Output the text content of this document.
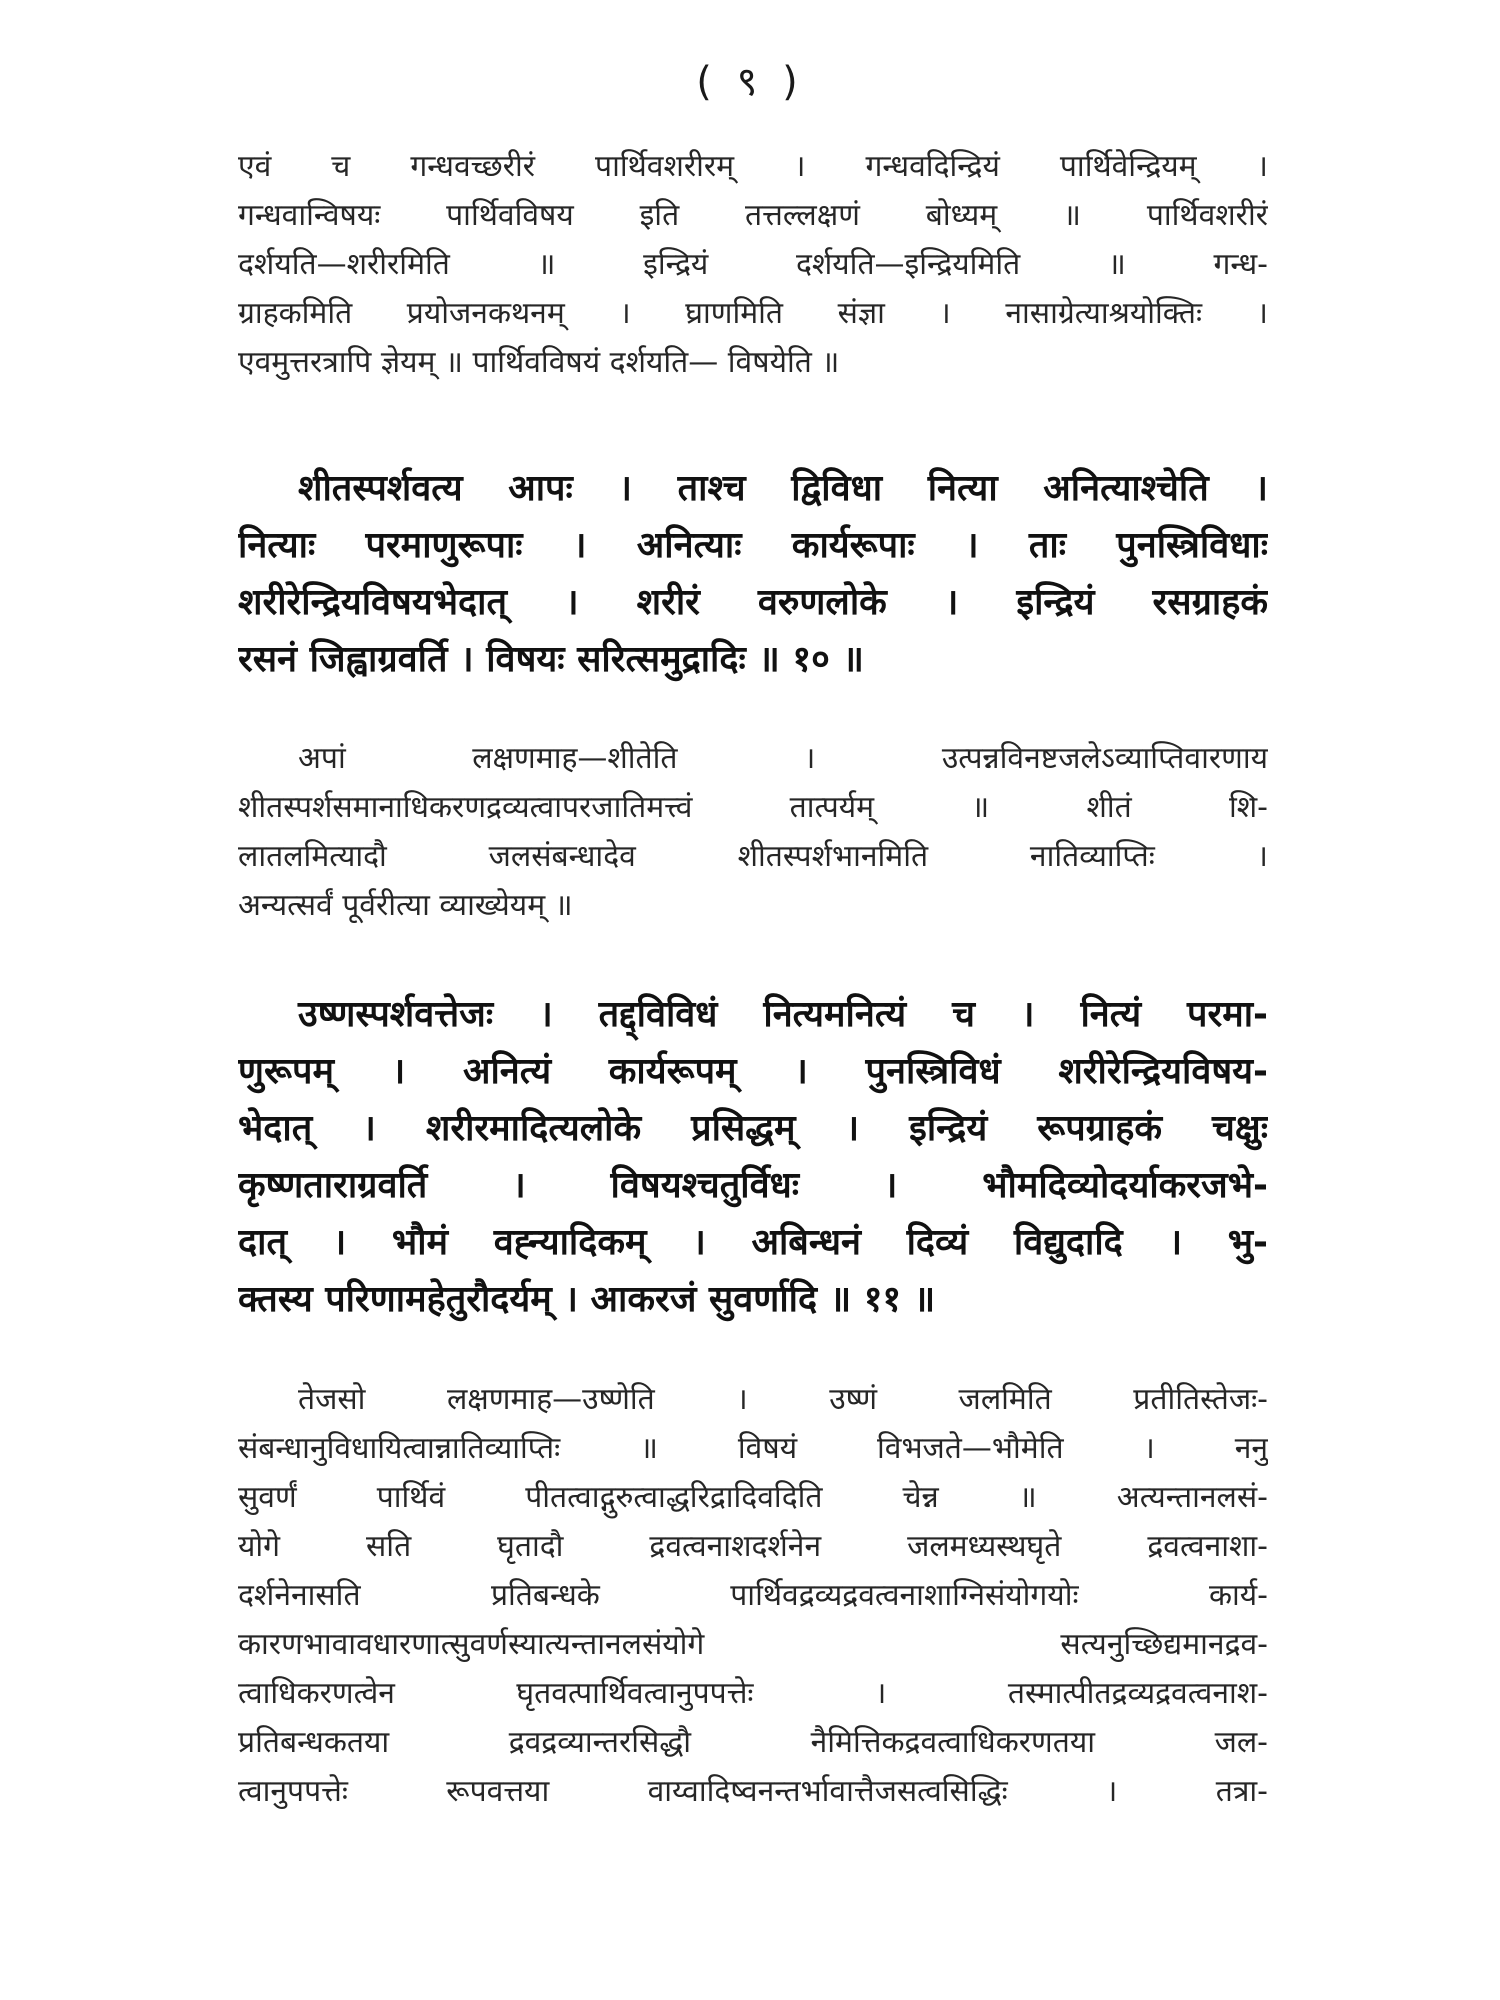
( ९ )
एवं च गन्धवच्छरीरं पार्थिवशरीरम् । गन्धवदिन्द्रियं पार्थिवेन्द्रियम् ।
गन्धवान्विषयः पार्थिवविषय इति तत्तल्लक्षणं बोध्यम् ॥ पार्थिवशरीरं
दर्शयति—शरीरमिति ॥ इन्द्रियं दर्शयति—इन्द्रियमिति ॥ गन्ध-
ग्राहकमिति प्रयोजनकथनम् । घ्राणमिति संज्ञा । नासाग्रेत्याश्रयोक्तिः ।
एवमुत्तरत्रापि ज्ञेयम् ॥ पार्थिवविषयं दर्शयति— विषयेति ॥
शीतस्पर्शवत्य आपः । ताश्च द्विविधा नित्या अनित्याश्चेति ।
नित्याः परमाणुरूपाः । अनित्याः कार्यरूपाः । ताः पुनस्त्रिविधाः
शरीरेन्द्रियविषयभेदात् । शरीरं वरुणलोके । इन्द्रियं रसग्राहकं
रसनं जिह्वाग्रवर्ति । विषयः सरित्समुद्रादिः ॥ १० ॥
अपां लक्षणमाह—शीतेति । उत्पन्नविनष्टजलेऽव्याप्तिवारणाय
शीतस्पर्शसमानाधिकरणद्रव्यत्वापरजातिमत्त्वं तात्पर्यम् ॥ शीतं शि-
लातलमित्यादौ जलसंबन्धादेव शीतस्पर्शभानमिति नातिव्याप्तिः ।
अन्यत्सर्वं पूर्वरीत्या व्याख्येयम् ॥
उष्णस्पर्शवत्तेजः । तद्द्विविधं नित्यमनित्यं च । नित्यं परमा-
णुरूपम् । अनित्यं कार्यरूपम् । पुनस्त्रिविधं शरीरेन्द्रियविषय-
भेदात् । शरीरमादित्यलोके प्रसिद्धम् । इन्द्रियं रूपग्राहकं चक्षुः
कृष्णताराग्रवर्ति । विषयश्चतुर्विधः । भौमदिव्योदर्याकरजभे-
दात् । भौमं वह्न्यादिकम् । अबिन्धनं दिव्यं विद्युदादि । भु-
क्तस्य परिणामहेतुरौदर्यम् । आकरजं सुवर्णादि ॥ ११ ॥
तेजसो लक्षणमाह—उष्णेति । उष्णं जलमिति प्रतीतिस्तेजः-
संबन्धानुविधायित्वान्नातिव्याप्तिः ॥ विषयं विभजते—भौमेति । ननु
सुवर्णं पार्थिवं पीतत्वाद्गुरुत्वाद्धरिद्रादिवदिति चेन्न ॥ अत्यन्तानलसं-
योगे सति घृतादौ द्रवत्वनाशदर्शनेन जलमध्यस्थघृते द्रवत्वनाशा-
दर्शनेनासति प्रतिबन्धके पार्थिवद्रव्यद्रवत्वनाशाग्निसंयोगयोः कार्य-
कारणभावावधारणात्सुवर्णस्यात्यन्तानलसंयोगे सत्यनुच्छिद्यमानद्रव-
त्वाधिकरणत्वेन घृतवत्पार्थिवत्वानुपपत्तेः । तस्मात्पीतद्रव्यद्रवत्वनाश-
प्रतिबन्धकतया द्रवद्रव्यान्तरसिद्धौ नैमित्तिकद्रवत्वाधिकरणतया जल-
त्वानुपपत्तेः रूपवत्तया वाय्वादिष्वनन्तर्भावात्तैजसत्वसिद्धिः । तत्रा-
